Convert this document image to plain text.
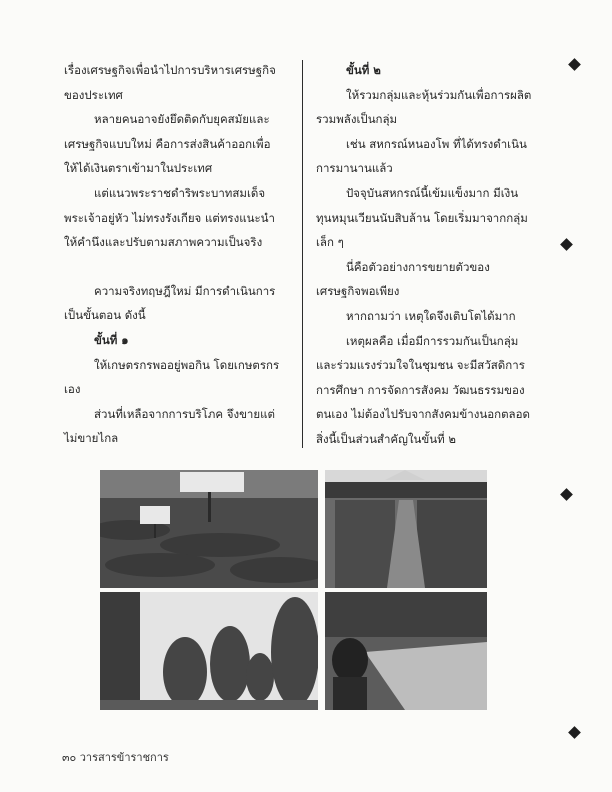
เรื่องเศรษฐกิจเพื่อนำไปการบริหารเศรษฐกิจของประเทศ

หลายคนอาจยังยึดติดกับยุคสมัยและเศรษฐกิจแบบใหม่ คือการส่งสินค้าออกเพื่อให้ได้เงินตราเข้ามาในประเทศ

แต่แนวพระราชดำริพระบาทสมเด็จพระเจ้าอยู่หัว ไม่ทรงรังเกียจ แต่ทรงแนะนำให้คำนึงและปรับตามสภาพความเป็นจริง

ความจริงทฤษฎีใหม่ มีการดำเนินการเป็นขั้นตอน ดังนี้

ขั้นที่ ๑

ให้เกษตรกรพออยู่พอกิน โดยเกษตรกรเอง

ส่วนที่เหลือจากการบริโภค จึงขายแต่ไม่ขายไกล

ขั้นที่ ๒

ให้รวมกลุ่มและหุ้นร่วมกันเพื่อการผลิต รวมพลังเป็นกลุ่ม

เช่น สหกรณ์หนองโพ ที่ได้ทรงดำเนินการมานานแล้ว

ปัจจุบันสหกรณ์นี้เข้มแข็งมาก มีเงินทุนหมุนเวียนนับสิบล้าน โดยเริ่มมาจากกลุ่มเล็ก ๆ

นี่คือตัวอย่างการขยายตัวของเศรษฐกิจพอเพียง

หากถามว่า เหตุใดจึงเติบโตได้มาก

เหตุผลคือ เมื่อมีการรวมกันเป็นกลุ่มและร่วมแรงร่วมใจในชุมชน จะมีสวัสดิการ การศึกษา การจัดการสังคม วัฒนธรรมของตนเอง ไม่ต้องไปรับจากสังคมข้างนอกตลอด สิ่งนี้เป็นส่วนสำคัญในขั้นที่ ๒

๓๐ วารสารข้าราชการ
